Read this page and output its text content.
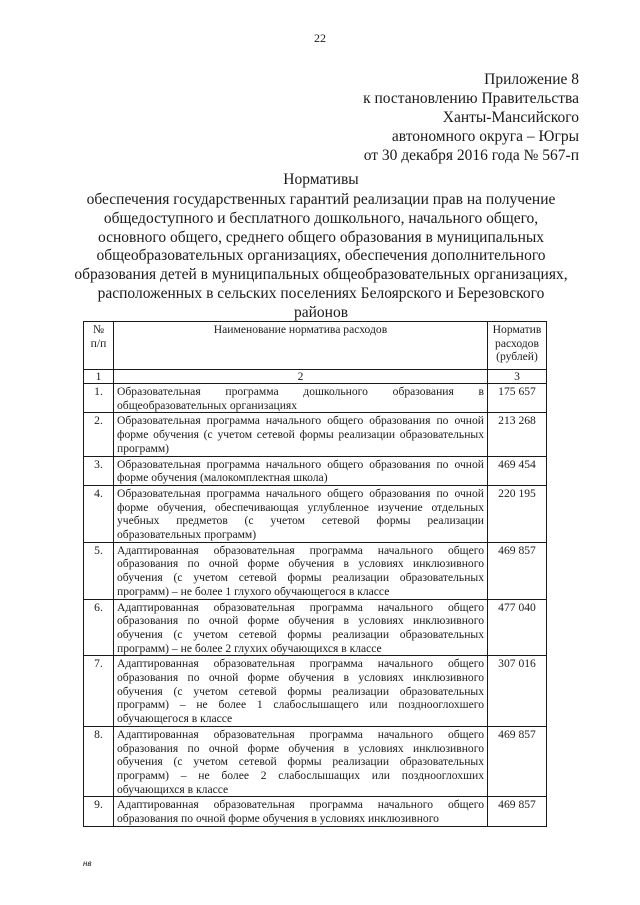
22
Приложение 8
к постановлению Правительства
Ханты-Мансийского
автономного округа – Югры
от 30 декабря 2016 года № 567-п
Нормативы
обеспечения государственных гарантий реализации прав на получение
общедоступного и бесплатного дошкольного, начального общего,
основного общего, среднего общего образования в муниципальных
общеобразовательных организациях, обеспечения дополнительного
образования детей в муниципальных общеобразовательных организациях,
расположенных в сельских поселениях Белоярского и Березовского
районов
№ п/п	Наименование норматива расходов	Норматив расходов (рублей)
1	2	3
1.	Образовательная программа дошкольного образования в общеобразовательных организациях	175 657
2.	Образовательная программа начального общего образования по очной форме обучения (с учетом сетевой формы реализации образовательных программ)	213 268
3.	Образовательная программа начального общего образования по очной форме обучения (малокомплектная школа)	469 454
4.	Образовательная программа начального общего образования по очной форме обучения, обеспечивающая углубленное изучение отдельных учебных предметов (с учетом сетевой формы реализации образовательных программ)	220 195
5.	Адаптированная образовательная программа начального общего образования по очной форме обучения в условиях инклюзивного обучения (с учетом сетевой формы реализации образовательных программ) – не более 1 глухого обучающегося в классе	469 857
6.	Адаптированная образовательная программа начального общего образования по очной форме обучения в условиях инклюзивного обучения (с учетом сетевой формы реализации образовательных программ) – не более 2 глухих обучающихся в классе	477 040
7.	Адаптированная образовательная программа начального общего образования по очной форме обучения в условиях инклюзивного обучения (с учетом сетевой формы реализации образовательных программ) – не более 1 слабослышащего или позднооглохшего обучающегося в классе	307 016
8.	Адаптированная образовательная программа начального общего образования по очной форме обучения в условиях инклюзивного обучения (с учетом сетевой формы реализации образовательных программ) – не более 2 слабослышащих или позднооглохших обучающихся в классе	469 857
9.	Адаптированная образовательная программа начального общего образования по очной форме обучения в условиях инклюзивного	469 857
нв
